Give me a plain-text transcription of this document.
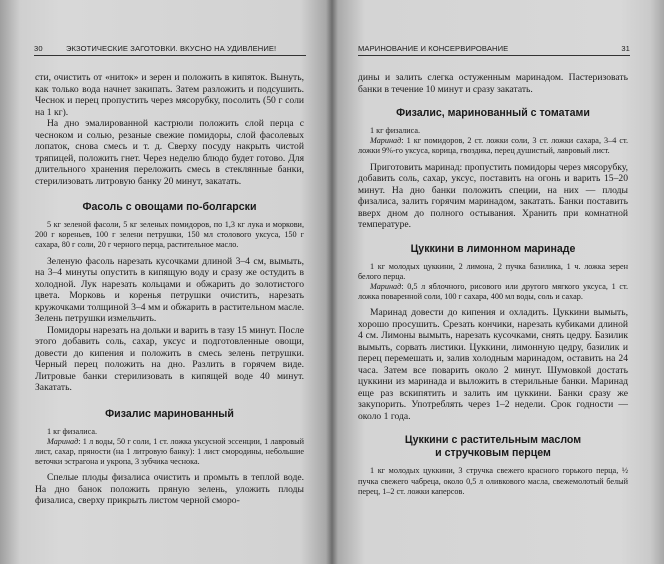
30	ЭКЗОТИЧЕСКИЕ ЗАГОТОВКИ. ВКУСНО НА УДИВЛЕНИЕ!

сти, очистить от «ниток» и зерен и положить в кипяток. Вынуть, как только вода начнет закипать. Затем разложить и подсушить. Чеснок и перец пропустить через мясорубку, посолить (50 г соли на 1 кг).

На дно эмалированной кастрюли положить слой перца с чесноком и солью, резаные свежие помидоры, слой фасолевых лопаток, снова смесь и т. д. Сверху посуду накрыть чистой тряпицей, положить гнет. Через неделю блюдо будет готово. Для длительного хранения переложить смесь в стеклянные банки, стерилизовать литровую банку 20 минут, закатать.

Фасоль с овощами по-болгарски

5 кг зеленой фасоли, 5 кг зеленых помидоров, по 1,3 кг лука и моркови, 200 г кореньев, 100 г зелени петрушки, 150 мл столового уксуса, 150 г сахара, 80 г соли, 20 г черного перца, растительное масло.

Зеленую фасоль нарезать кусочками длиной 3–4 см, вымыть, на 3–4 минуты опустить в кипящую воду и сразу же остудить в холодной. Лук нарезать кольцами и обжарить до золотистого цвета. Морковь и коренья петрушки очистить, нарезать кружочками толщиной 3–4 мм и обжарить в растительном масле. Зелень петрушки измельчить.

Помидоры нарезать на дольки и варить в тазу 15 минут. После этого добавить соль, сахар, уксус и подготовленные овощи, довести до кипения и положить в смесь зелень петрушки. Черный перец положить на дно. Разлить в горячем виде. Литровые банки стерилизовать в кипящей воде 40 минут. Закатать.

Физалис маринованный

1 кг физалиса.

Маринад: 1 л воды, 50 г соли, 1 ст. ложка уксусной эссенции, 1 лавровый лист, сахар, пряности (на 1 литровую банку): 1 лист смородины, небольшие веточки эстрагона и укропа, 3 зубчика чеснока.

Спелые плоды физалиса очистить и промыть в теплой воде. На дно банок положить пряную зелень, уложить плоды физалиса, сверху прикрыть листом черной сморо-

МАРИНОВАНИЕ И КОНСЕРВИРОВАНИЕ	31

дины и залить слегка остуженным маринадом. Пастеризовать банки в течение 10 минут и сразу закатать.

Физалис, маринованный с томатами

1 кг физалиса.

Маринад: 1 кг помидоров, 2 ст. ложки соли, 3 ст. ложки сахара, 3–4 ст. ложки 9%-го уксуса, корица, гвоздика, перец душистый, лавровый лист.

Приготовить маринад: пропустить помидоры через мясорубку, добавить соль, сахар, уксус, поставить на огонь и варить 15–20 минут. На дно банки положить специи, на них — плоды физалиса, залить горячим маринадом, закатать. Банки поставить вверх дном до полного остывания. Хранить при комнатной температуре.

Цуккини в лимонном маринаде

1 кг молодых цуккини, 2 лимона, 2 пучка базилика, 1 ч. ложка зерен белого перца.

Маринад: 0,5 л яблочного, рисового или другого мягкого уксуса, 1 ст. ложка поваренной соли, 100 г сахара, 400 мл воды, соль и сахар.

Маринад довести до кипения и охладить. Цуккини вымыть, хорошо просушить. Срезать кончики, нарезать кубиками длиной 4 см. Лимоны вымыть, нарезать кусочками, снять цедру. Базилик вымыть, сорвать листики. Цуккини, лимонную цедру, базилик и перец перемешать и, залив холодным маринадом, оставить на 24 часа. Затем все поварить около 2 минут. Шумовкой достать цуккини из маринада и выложить в стерильные банки. Маринад еще раз вскипятить и залить им цуккини. Банки сразу же закупорить. Употреблять через 1–2 недели. Срок годности — около 1 года.

Цуккини с растительным маслом
и стручковым перцем

1 кг молодых цуккини, 3 стручка свежего красного горького перца, ½ пучка свежего чабреца, около 0,5 л оливкового масла, свежемолотый белый перец, 1–2 ст. ложки каперсов.
